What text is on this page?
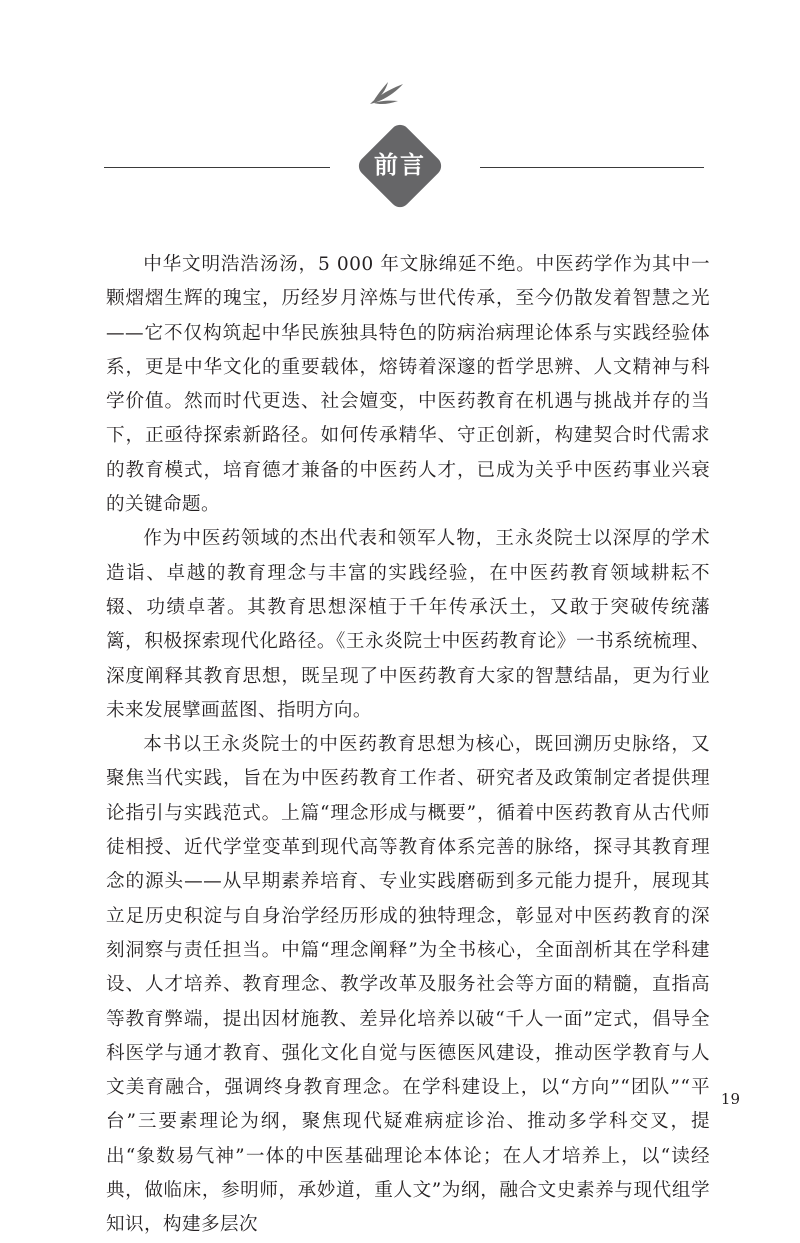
前言

中华文明浩浩汤汤，5 000 年文脉绵延不绝。中医药学作为其中一颗熠熠生辉的瑰宝，历经岁月淬炼与世代传承，至今仍散发着智慧之光——它不仅构筑起中华民族独具特色的防病治病理论体系与实践经验体系，更是中华文化的重要载体，熔铸着深邃的哲学思辨、人文精神与科学价值。然而时代更迭、社会嬗变，中医药教育在机遇与挑战并存的当下，正亟待探索新路径。如何传承精华、守正创新，构建契合时代需求的教育模式，培育德才兼备的中医药人才，已成为关乎中医药事业兴衰的关键命题。

作为中医药领域的杰出代表和领军人物，王永炎院士以深厚的学术造诣、卓越的教育理念与丰富的实践经验，在中医药教育领域耕耘不辍、功绩卓著。其教育思想深植于千年传承沃土，又敢于突破传统藩篱，积极探索现代化路径。《王永炎院士中医药教育论》一书系统梳理、深度阐释其教育思想，既呈现了中医药教育大家的智慧结晶，更为行业未来发展擘画蓝图、指明方向。

本书以王永炎院士的中医药教育思想为核心，既回溯历史脉络，又聚焦当代实践，旨在为中医药教育工作者、研究者及政策制定者提供理论指引与实践范式。上篇“理念形成与概要”，循着中医药教育从古代师徒相授、近代学堂变革到现代高等教育体系完善的脉络，探寻其教育理念的源头——从早期素养培育、专业实践磨砺到多元能力提升，展现其立足历史积淀与自身治学经历形成的独特理念，彰显对中医药教育的深刻洞察与责任担当。中篇“理念阐释”为全书核心，全面剖析其在学科建设、人才培养、教育理念、教学改革及服务社会等方面的精髓，直指高等教育弊端，提出因材施教、差异化培养以破“千人一面”定式，倡导全科医学与通才教育、强化文化自觉与医德医风建设，推动医学教育与人文美育融合，强调终身教育理念。在学科建设上，以“方向”“团队”“平台”三要素理论为纲，聚焦现代疑难病症诊治、推动多学科交叉，提出“象数易气神”一体的中医基础理论本体论；在人才培养上，以“读经典，做临床，参明师，承妙道，重人文”为纲，融合文史素养与现代组学知识，构建多层次

19
